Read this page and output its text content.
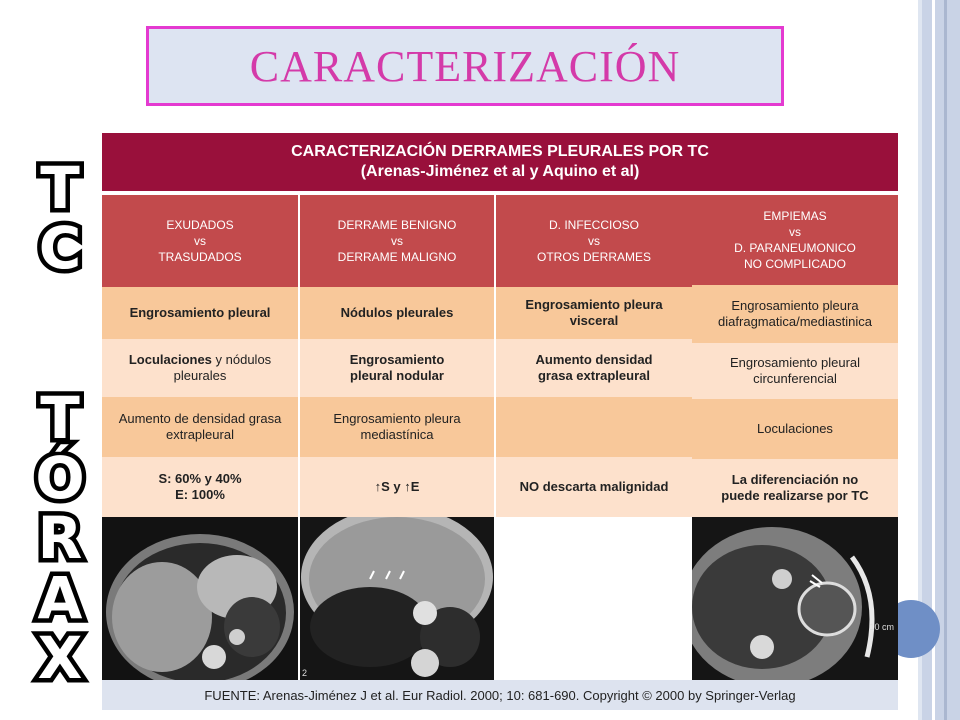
CARACTERIZACIÓN
T
C
T
Ó
R
A
X
CARACTERIZACIÓN DERRAMES PLEURALES POR TC
(Arenas-Jiménez et al y Aquino et al)
EXUDADOS
vs
TRASUDADOS
DERRAME BENIGNO
vs
DERRAME MALIGNO
D. INFECCIOSO
vs
OTROS DERRAMES
EMPIEMAS
vs
D. PARANEUMONICO
NO COMPLICADO
Engrosamiento pleural
Loculaciones y nódulos pleurales
Aumento de densidad grasa extrapleural
S: 60% y 40%
E: 100%
Nódulos pleurales
Engrosamiento
pleural nodular
Engrosamiento pleura mediastínica
↑S y ↑E
Engrosamiento pleura
visceral
Aumento densidad
grasa extrapleural
NO descarta malignidad
Engrosamiento pleura diafragmatica/mediastinica
Engrosamiento pleural circunferencial
Loculaciones
La diferenciación no
puede realizarse por TC
2
10 cm
FUENTE: Arenas-Jiménez J et al. Eur Radiol. 2000; 10: 681-690. Copyright © 2000 by Springer-Verlag
